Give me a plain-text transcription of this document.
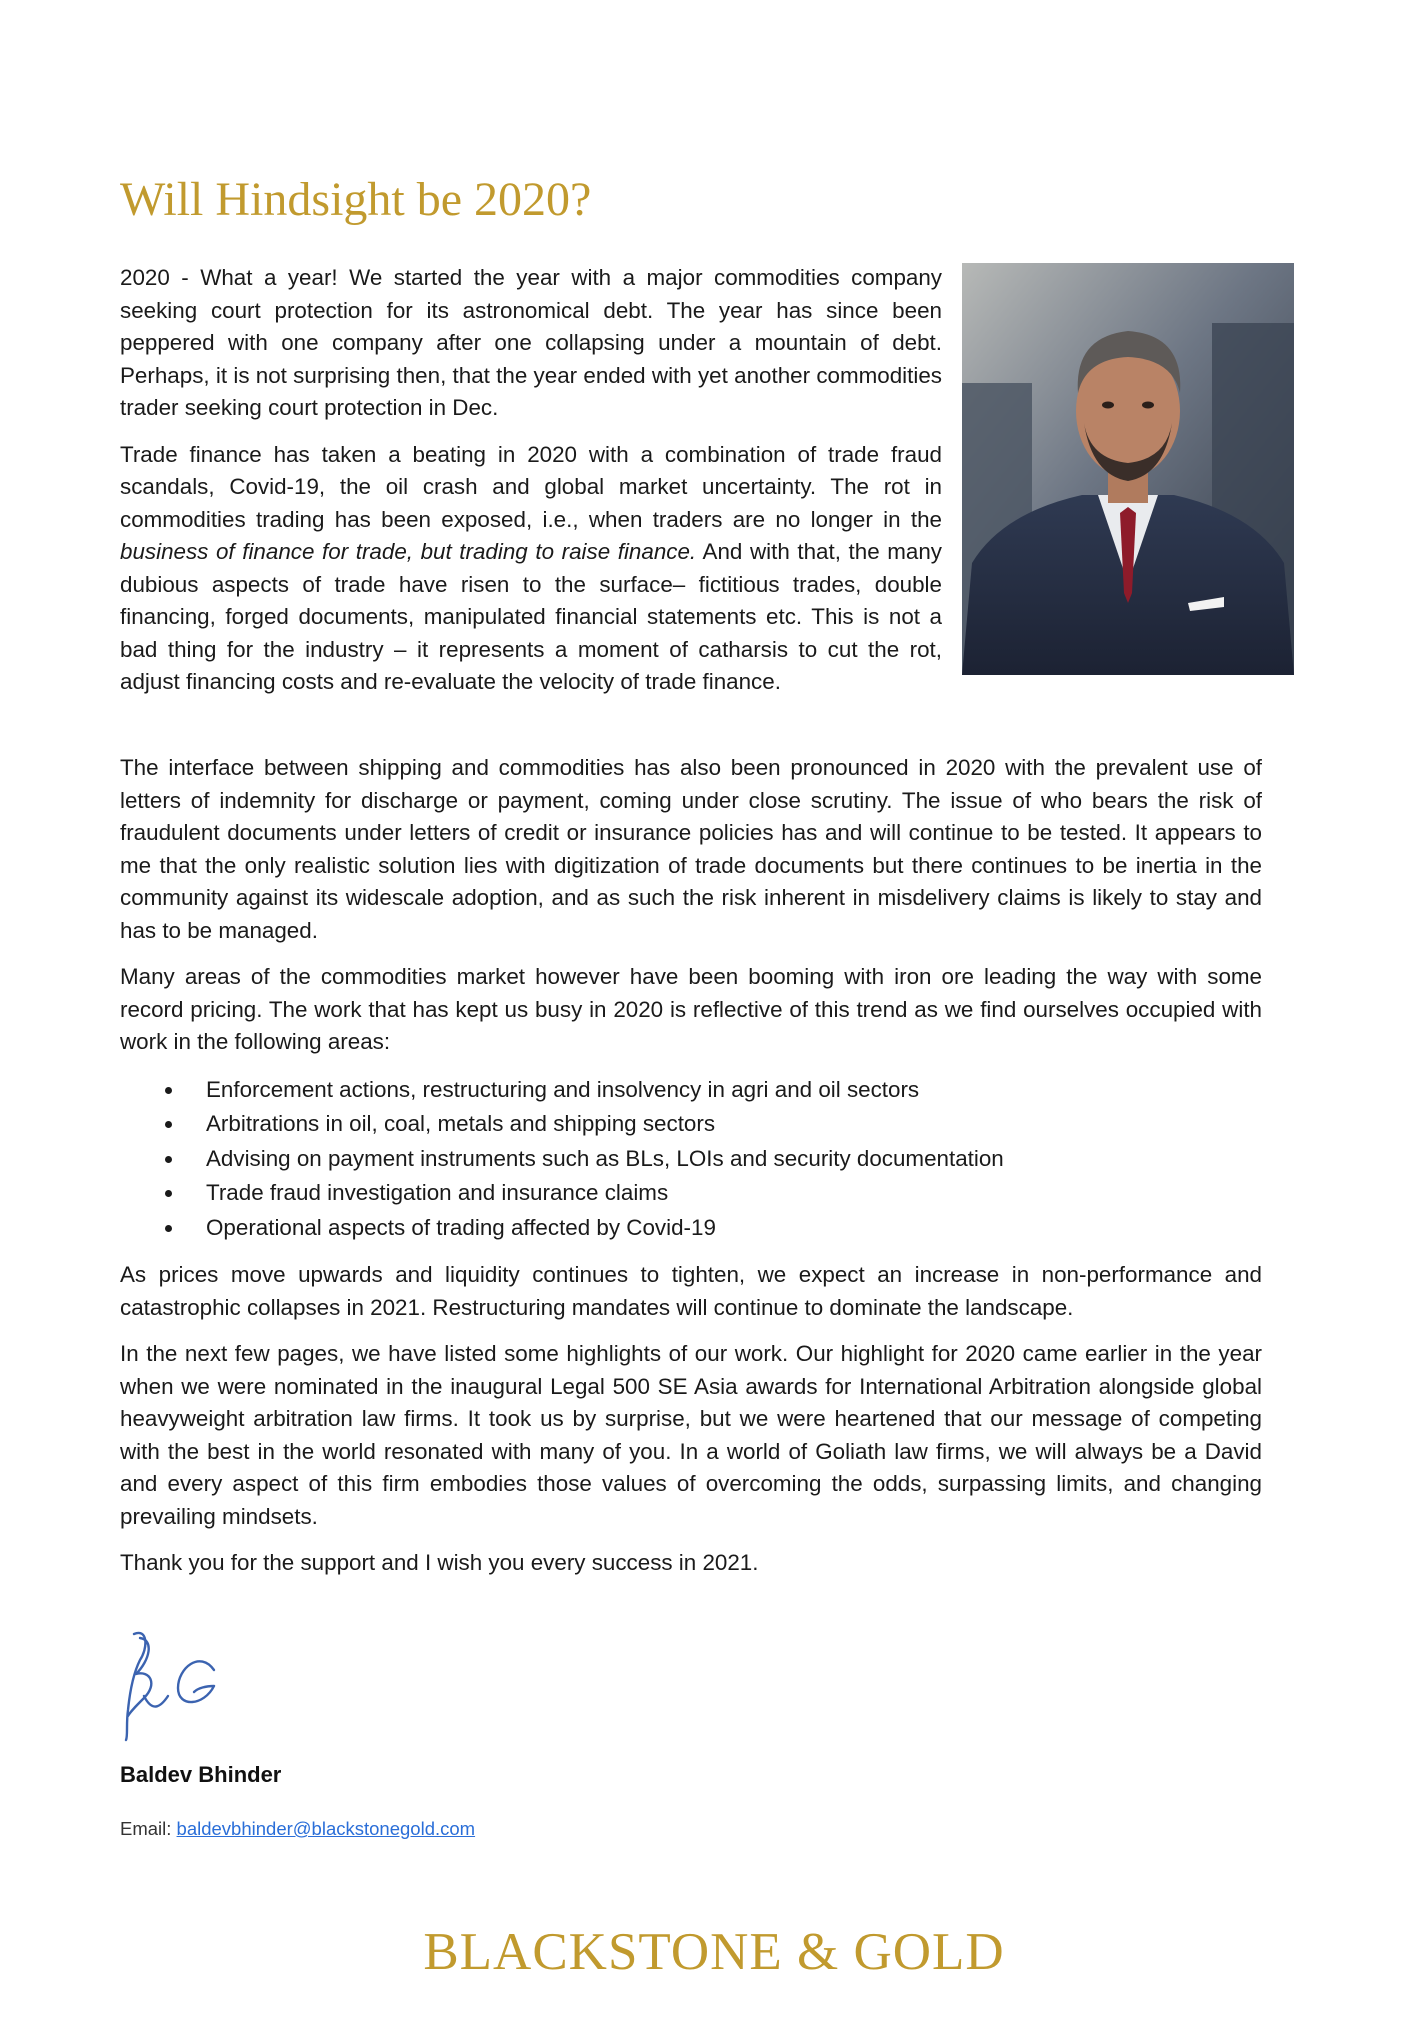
Will Hindsight be 2020?

2020 - What a year! We started the year with a major commodities company seeking court protection for its astronomical debt. The year has since been peppered with one company after one collapsing under a mountain of debt. Perhaps, it is not surprising then, that the year ended with yet another commodities trader seeking court protection in Dec.

Trade finance has taken a beating in 2020 with a combination of trade fraud scandals, Covid-19, the oil crash and global market uncertainty. The rot in commodities trading has been exposed, i.e., when traders are no longer in the business of finance for trade, but trading to raise finance. And with that, the many dubious aspects of trade have risen to the surface– fictitious trades, double financing, forged documents, manipulated financial statements etc. This is not a bad thing for the industry – it represents a moment of catharsis to cut the rot, adjust financing costs and re-evaluate the velocity of trade finance.

The interface between shipping and commodities has also been pronounced in 2020 with the prevalent use of letters of indemnity for discharge or payment, coming under close scrutiny. The issue of who bears the risk of fraudulent documents under letters of credit or insurance policies has and will continue to be tested. It appears to me that the only realistic solution lies with digitization of trade documents but there continues to be inertia in the community against its widescale adoption, and as such the risk inherent in misdelivery claims is likely to stay and has to be managed.

Many areas of the commodities market however have been booming with iron ore leading the way with some record pricing. The work that has kept us busy in 2020 is reflective of this trend as we find ourselves occupied with work in the following areas:

Enforcement actions, restructuring and insolvency in agri and oil sectors
Arbitrations in oil, coal, metals and shipping sectors
Advising on payment instruments such as BLs, LOIs and security documentation
Trade fraud investigation and insurance claims
Operational aspects of trading affected by Covid-19

As prices move upwards and liquidity continues to tighten, we expect an increase in non-performance and catastrophic collapses in 2021. Restructuring mandates will continue to dominate the landscape.

In the next few pages, we have listed some highlights of our work. Our highlight for 2020 came earlier in the year when we were nominated in the inaugural Legal 500 SE Asia awards for International Arbitration alongside global heavyweight arbitration law firms. It took us by surprise, but we were heartened that our message of competing with the best in the world resonated with many of you. In a world of Goliath law firms, we will always be a David and every aspect of this firm embodies those values of overcoming the odds, surpassing limits, and changing prevailing mindsets.

Thank you for the support and I wish you every success in 2021.

Baldev Bhinder

Email: baldevbhinder@blackstonegold.com

BLACKSTONE & GOLD
